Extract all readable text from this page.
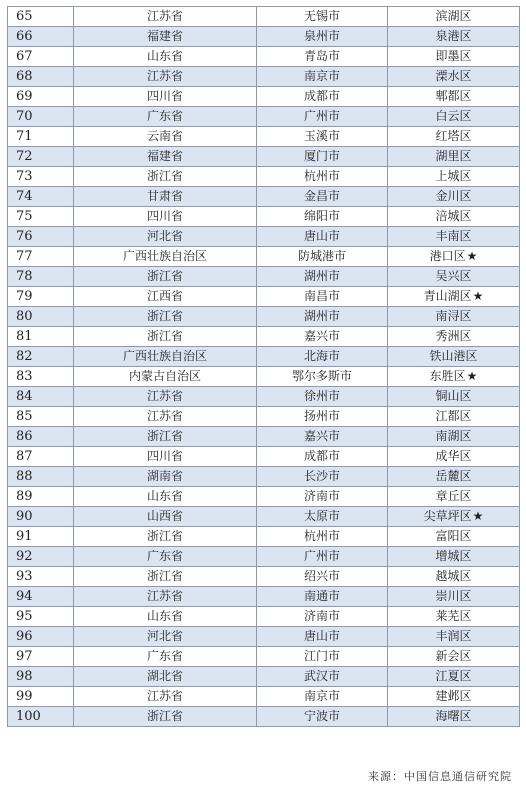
65	江苏省	无锡市	滨湖区
66	福建省	泉州市	泉港区
67	山东省	青岛市	即墨区
68	江苏省	南京市	溧水区
69	四川省	成都市	郫都区
70	广东省	广州市	白云区
71	云南省	玉溪市	红塔区
72	福建省	厦门市	湖里区
73	浙江省	杭州市	上城区
74	甘肃省	金昌市	金川区
75	四川省	绵阳市	涪城区
76	河北省	唐山市	丰南区
77	广西壮族自治区	防城港市	港口区★
78	浙江省	湖州市	吴兴区
79	江西省	南昌市	青山湖区★
80	浙江省	湖州市	南浔区
81	浙江省	嘉兴市	秀洲区
82	广西壮族自治区	北海市	铁山港区
83	内蒙古自治区	鄂尔多斯市	东胜区★
84	江苏省	徐州市	铜山区
85	江苏省	扬州市	江都区
86	浙江省	嘉兴市	南湖区
87	四川省	成都市	成华区
88	湖南省	长沙市	岳麓区
89	山东省	济南市	章丘区
90	山西省	太原市	尖草坪区★
91	浙江省	杭州市	富阳区
92	广东省	广州市	增城区
93	浙江省	绍兴市	越城区
94	江苏省	南通市	崇川区
95	山东省	济南市	莱芜区
96	河北省	唐山市	丰润区
97	广东省	江门市	新会区
98	湖北省	武汉市	江夏区
99	江苏省	南京市	建邺区
100	浙江省	宁波市	海曙区
来源：中国信息通信研究院
